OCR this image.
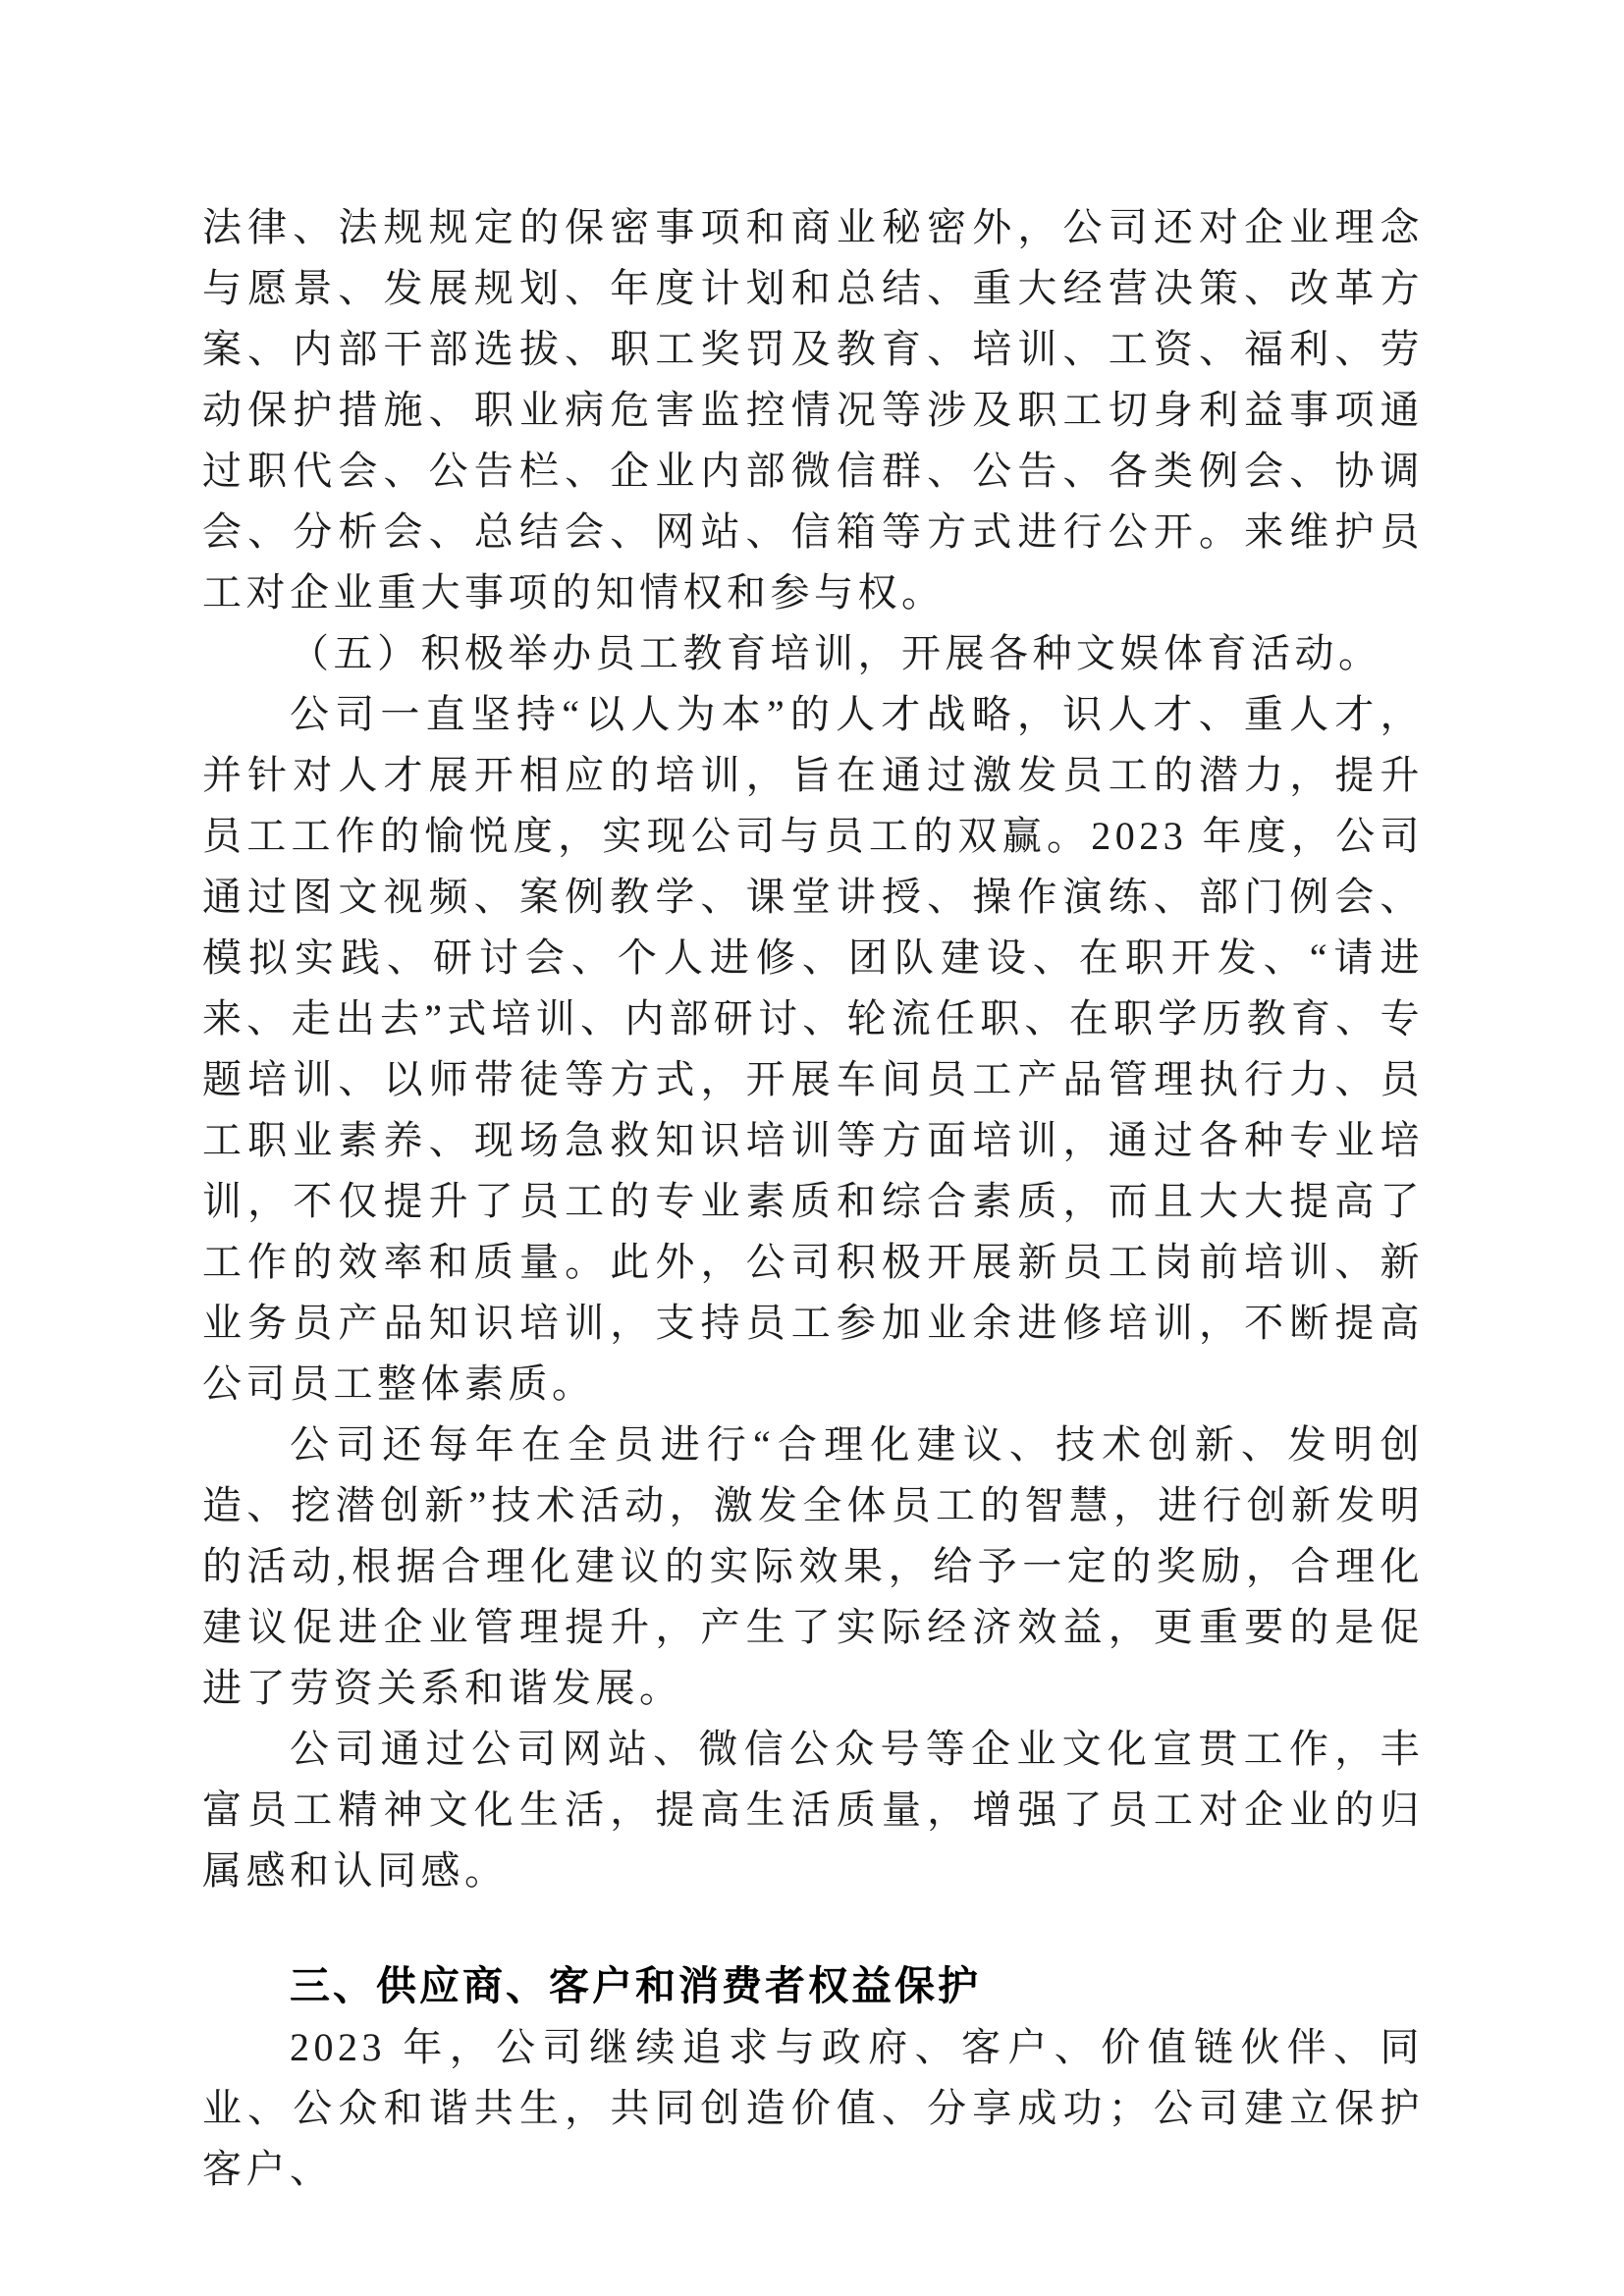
法律、法规规定的保密事项和商业秘密外，公司还对企业理念与愿景、发展规划、年度计划和总结、重大经营决策、改革方案、内部干部选拔、职工奖罚及教育、培训、工资、福利、劳动保护措施、职业病危害监控情况等涉及职工切身利益事项通过职代会、公告栏、企业内部微信群、公告、各类例会、协调会、分析会、总结会、网站、信箱等方式进行公开。来维护员工对企业重大事项的知情权和参与权。

（五）积极举办员工教育培训，开展各种文娱体育活动。

公司一直坚持“以人为本”的人才战略，识人才、重人才，并针对人才展开相应的培训，旨在通过激发员工的潜力，提升员工工作的愉悦度，实现公司与员工的双赢。2023 年度，公司通过图文视频、案例教学、课堂讲授、操作演练、部门例会、模拟实践、研讨会、个人进修、团队建设、在职开发、“请进来、走出去”式培训、内部研讨、轮流任职、在职学历教育、专题培训、以师带徒等方式，开展车间员工产品管理执行力、员工职业素养、现场急救知识培训等方面培训，通过各种专业培训，不仅提升了员工的专业素质和综合素质，而且大大提高了工作的效率和质量。此外，公司积极开展新员工岗前培训、新业务员产品知识培训，支持员工参加业余进修培训，不断提高公司员工整体素质。

公司还每年在全员进行“合理化建议、技术创新、发明创造、挖潜创新”技术活动，激发全体员工的智慧，进行创新发明的活动,根据合理化建议的实际效果，给予一定的奖励，合理化建议促进企业管理提升，产生了实际经济效益，更重要的是促进了劳资关系和谐发展。

公司通过公司网站、微信公众号等企业文化宣贯工作，丰富员工精神文化生活，提高生活质量，增强了员工对企业的归属感和认同感。

三、供应商、客户和消费者权益保护

2023 年，公司继续追求与政府、客户、价值链伙伴、同业、公众和谐共生，共同创造价值、分享成功；公司建立保护客户、
